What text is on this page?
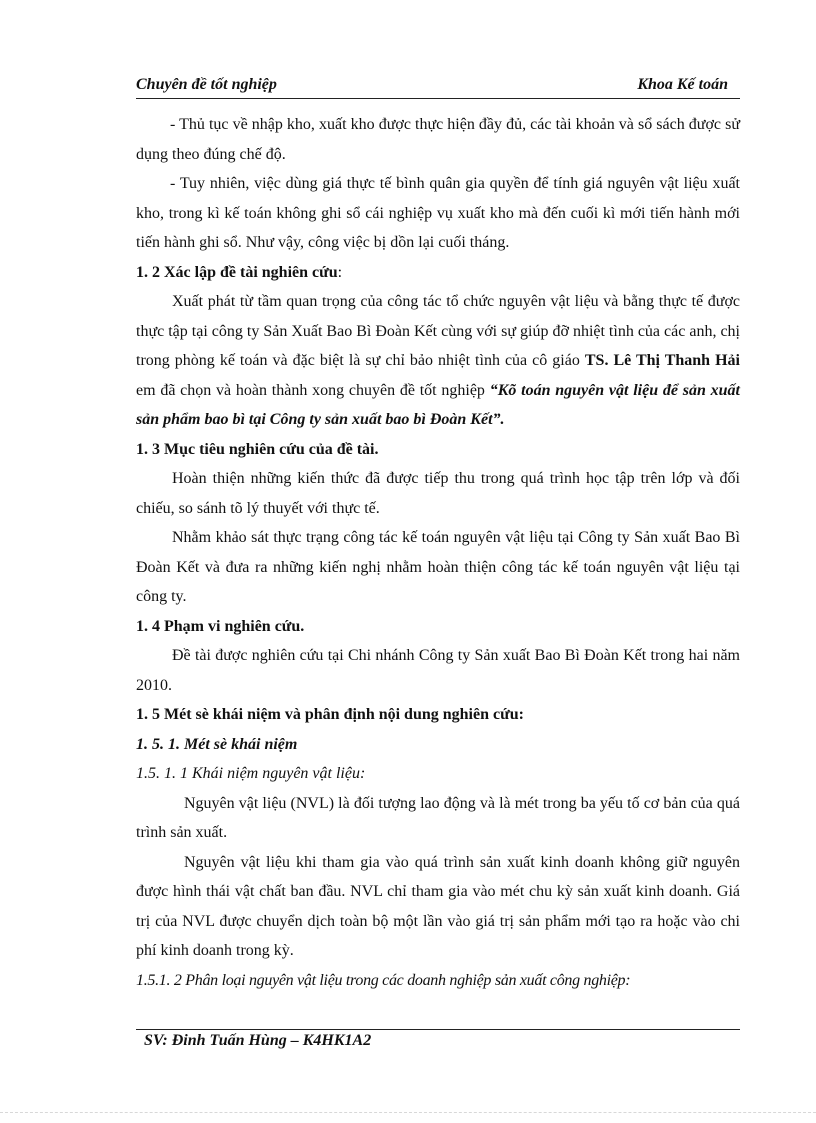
Chuyên đề tốt nghiệp	Khoa Kế toán

- Thủ tục về nhập kho, xuất kho được thực hiện đầy đủ, các tài khoản và sổ sách được sử dụng theo đúng chế độ.

- Tuy nhiên, việc dùng giá thực tế bình quân gia quyền để tính giá nguyên vật liệu xuất kho, trong kì kế toán không ghi sổ cái nghiệp vụ xuất kho mà đến cuối kì mới tiến hành mới tiến hành ghi sổ. Như vậy, công việc bị dồn lại cuối tháng.

1. 2 Xác lập đề tài nghiên cứu:

Xuất phát từ tầm quan trọng của công tác tổ chức nguyên vật liệu và bằng thực tế được thực tập tại công ty Sản Xuất Bao Bì Đoàn Kết cùng với sự giúp đỡ nhiệt tình của các anh, chị trong phòng kế toán và đặc biệt là sự chỉ bảo nhiệt tình của cô giáo TS. Lê Thị Thanh Hải em đã chọn và hoàn thành xong chuyên đề tốt nghiệp “Kõ toán nguyên vật liệu để sản xuất sản phẩm bao bì tại Công ty sản xuất bao bì Đoàn Kết”.

1. 3 Mục tiêu nghiên cứu của đề tài.

Hoàn thiện những kiến thức đã được tiếp thu trong quá trình học tập trên lớp và đối chiếu, so sánh tõ lý thuyết với thực tế.

Nhằm khảo sát thực trạng công tác kế toán nguyên vật liệu tại Công ty Sản xuất Bao Bì Đoàn Kết và đưa ra những kiến nghị nhằm hoàn thiện công tác kế toán nguyên vật liệu tại công ty.

1. 4 Phạm vi nghiên cứu.

Đề tài được nghiên cứu tại Chi nhánh Công ty Sản xuất Bao Bì Đoàn Kết trong hai năm 2010.

1. 5 Mét sè khái niệm và phân định nội dung nghiên cứu:

1. 5. 1. Mét sè khái niệm

1.5. 1. 1 Khái niệm nguyên vật liệu:

Nguyên vật liệu (NVL) là đối tượng lao động và là mét trong ba yếu tố cơ bản của quá trình sản xuất.

Nguyên vật liệu khi tham gia vào quá trình sản xuất kinh doanh không giữ nguyên được hình thái vật chất ban đầu. NVL chỉ tham gia vào mét chu kỳ sản xuất kinh doanh. Giá trị của NVL được chuyển dịch toàn bộ một lần vào giá trị sản phẩm mới tạo ra hoặc vào chi phí kinh doanh trong kỳ.

1.5.1. 2 Phân loại nguyên vật liệu trong các doanh nghiệp sản xuất công nghiệp:

SV: Đinh Tuấn Hùng – K4HK1A2
